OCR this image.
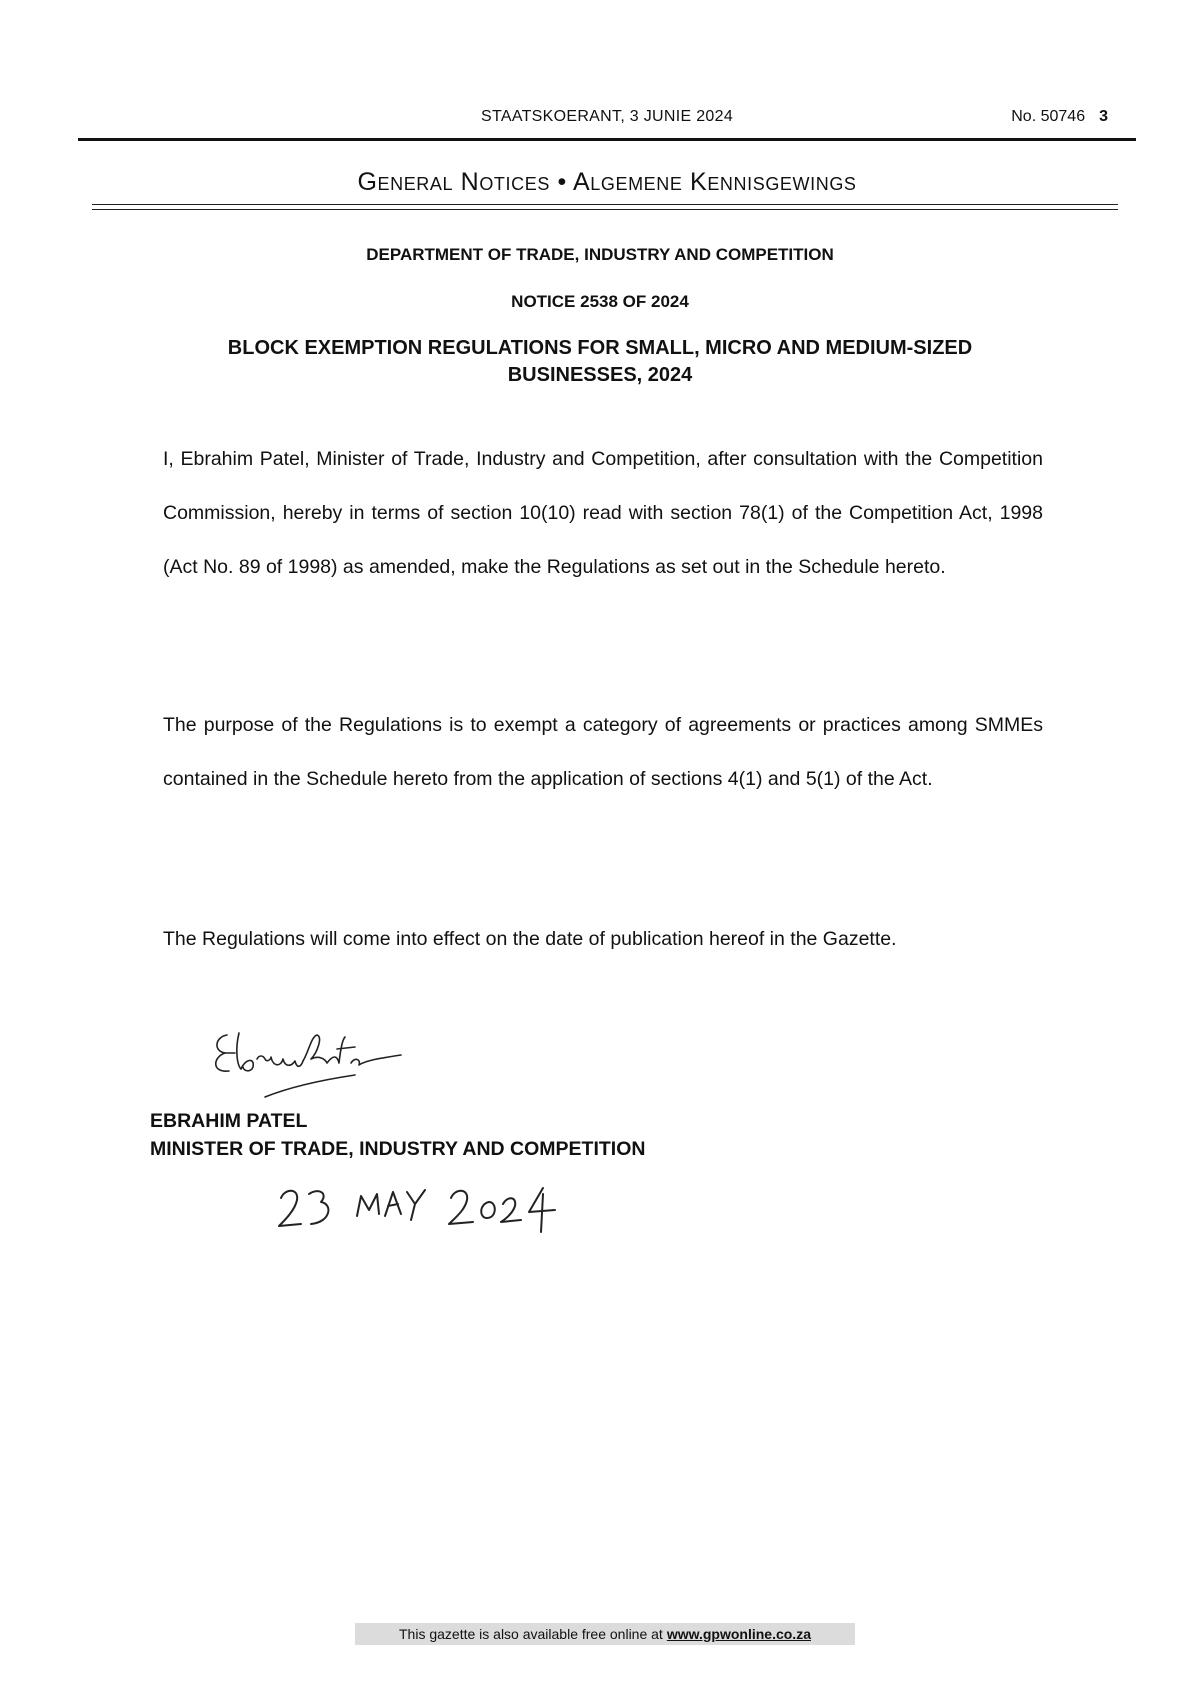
STAATSKOERANT, 3 JUNIE 2024	No. 50746 3
General Notices • Algemene Kennisgewings
DEPARTMENT OF TRADE, INDUSTRY AND COMPETITION
NOTICE 2538 OF 2024
BLOCK EXEMPTION REGULATIONS FOR SMALL, MICRO AND MEDIUM-SIZED
BUSINESSES, 2024
I, Ebrahim Patel, Minister of Trade, Industry and Competition, after consultation with the Competition Commission, hereby in terms of section 10(10) read with section 78(1) of the Competition Act, 1998 (Act No. 89 of 1998) as amended, make the Regulations as set out in the Schedule hereto.
The purpose of the Regulations is to exempt a category of agreements or practices among SMMEs contained in the Schedule hereto from the application of sections 4(1) and 5(1) of the Act.
The Regulations will come into effect on the date of publication hereof in the Gazette.
EBRAHIM PATEL
MINISTER OF TRADE, INDUSTRY AND COMPETITION
This gazette is also available free online at www.gpwonline.co.za
